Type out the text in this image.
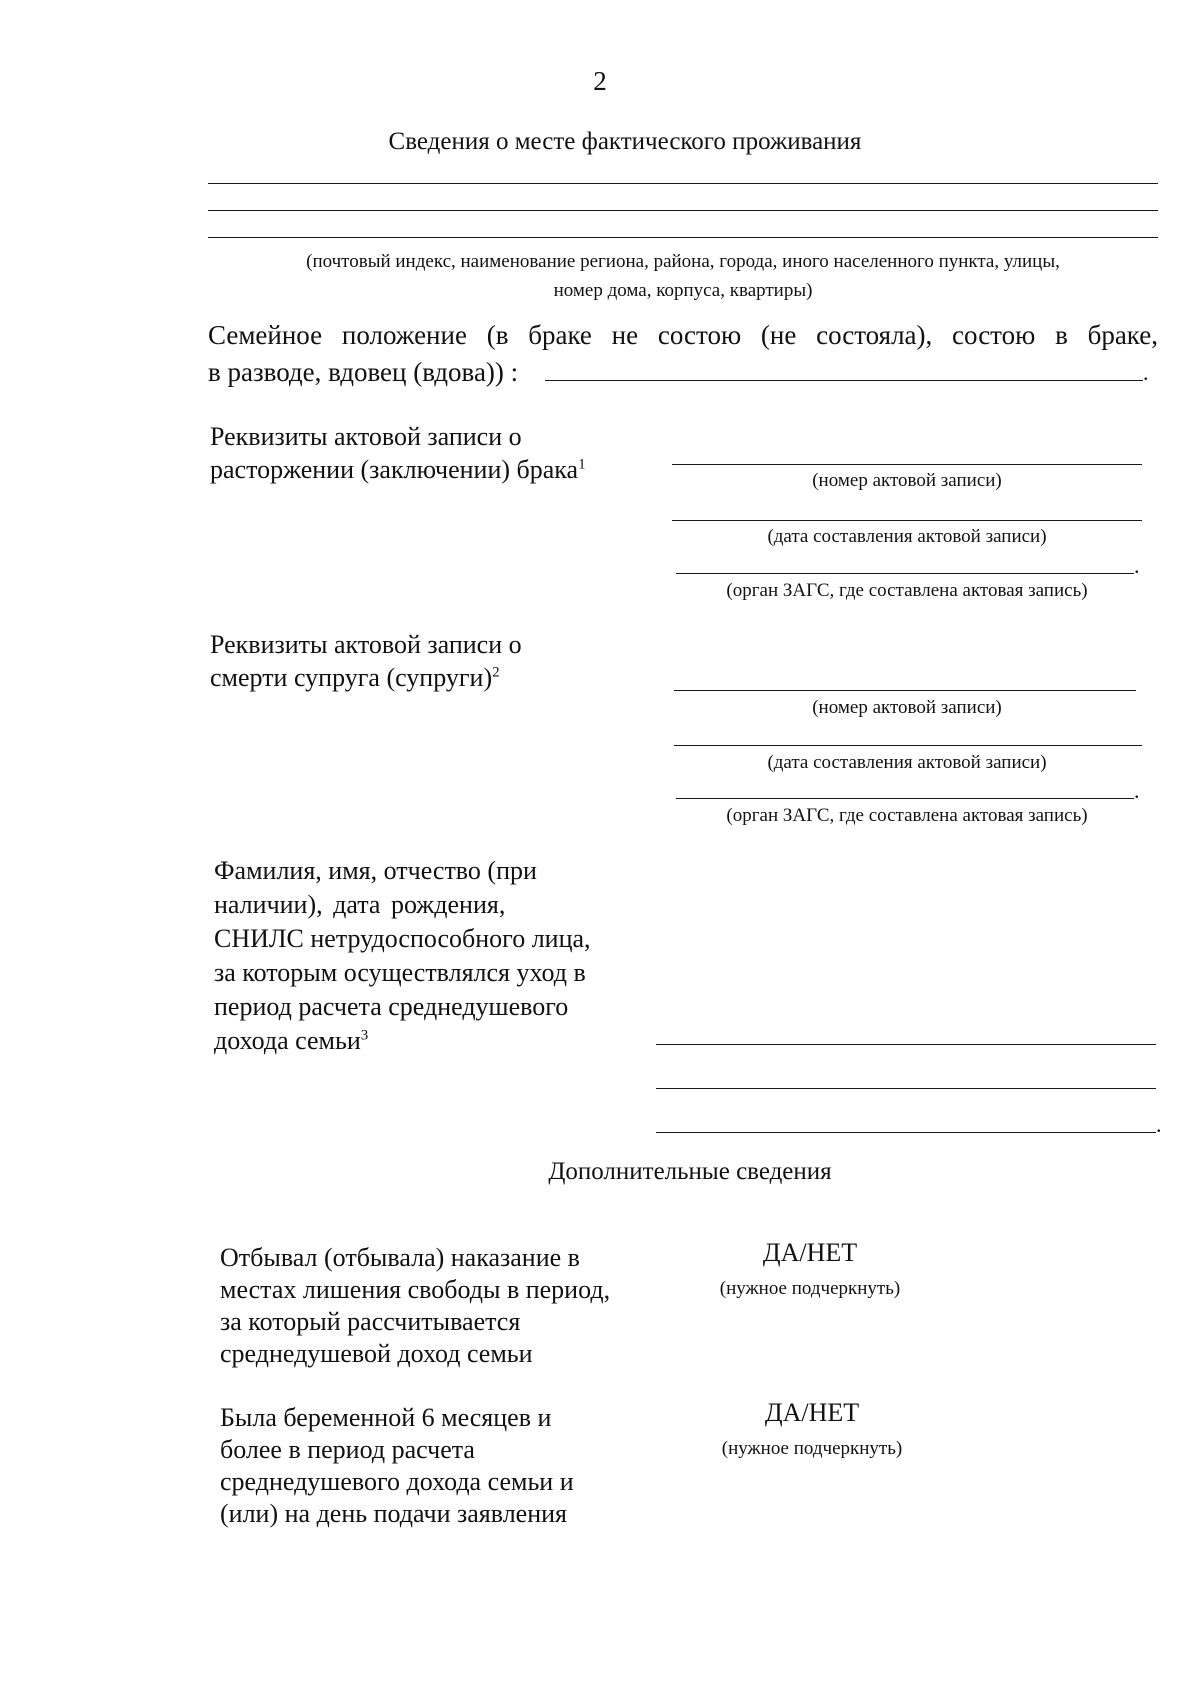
2
Сведения о месте фактического проживания
(почтовый индекс, наименование региона, района, города, иного населенного пункта, улицы,
номер дома, корпуса, квартиры)
Семейное положение (в браке не состою (не состояла), состою в браке,
в разводе, вдовец (вдова)) :	.
Реквизиты актовой записи о
расторжении (заключении) брака$^1$
(номер актовой записи)
(дата составления актовой записи)
.
(орган ЗАГС, где составлена актовая запись)
Реквизиты актовой записи о
смерти супруга (супруги)$^2$
(номер актовой записи)
(дата составления актовой записи)
.
(орган ЗАГС, где составлена актовая запись)
Фамилия, имя, отчество (при
наличии), дата рождения,
СНИЛС нетрудоспособного лица,
за которым осуществлялся уход в
период расчета среднедушевого
дохода семьи$^3$
.
Дополнительные сведения
Отбывал (отбывала) наказание в
местах лишения свободы в период,
за который рассчитывается
среднедушевой доход семьи
ДА/НЕТ
(нужное подчеркнуть)
Была беременной 6 месяцев и
более в период расчета
среднедушевого дохода семьи и
(или) на день подачи заявления
ДА/НЕТ
(нужное подчеркнуть)
